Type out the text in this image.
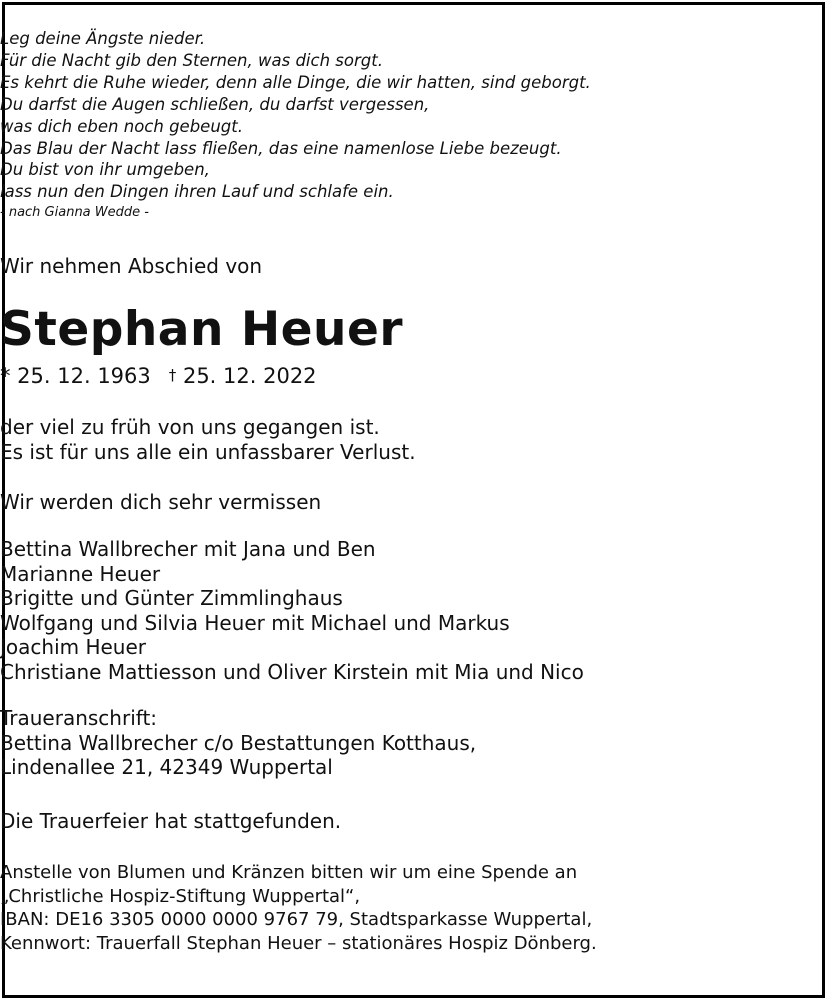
Leg deine Ängste nieder.
Für die Nacht gib den Sternen, was dich sorgt.
Es kehrt die Ruhe wieder, denn alle Dinge, die wir hatten, sind geborgt.
Du darfst die Augen schließen, du darfst vergessen,
was dich eben noch gebeugt.
Das Blau der Nacht lass fließen, das eine namenlose Liebe bezeugt.
Du bist von ihr umgeben,
lass nun den Dingen ihren Lauf und schlafe ein.
- nach Gianna Wedde -
Wir nehmen Abschied von
Stephan Heuer
* 25. 12. 1963 † 25. 12. 2022
der viel zu früh von uns gegangen ist.
Es ist für uns alle ein unfassbarer Verlust.
Wir werden dich sehr vermissen
Bettina Wallbrecher mit Jana und Ben
Marianne Heuer
Brigitte und Günter Zimmlinghaus
Wolfgang und Silvia Heuer mit Michael und Markus
Joachim Heuer
Christiane Mattiesson und Oliver Kirstein mit Mia und Nico
Traueranschrift:
Bettina Wallbrecher c/o Bestattungen Kotthaus,
Lindenallee 21, 42349 Wuppertal
Die Trauerfeier hat stattgefunden.
Anstelle von Blumen und Kränzen bitten wir um eine Spende an
„Christliche Hospiz-Stiftung Wuppertal“,
IBAN: DE16 3305 0000 0000 9767 79, Stadtsparkasse Wuppertal,
Kennwort: Trauerfall Stephan Heuer – stationäres Hospiz Dönberg.
